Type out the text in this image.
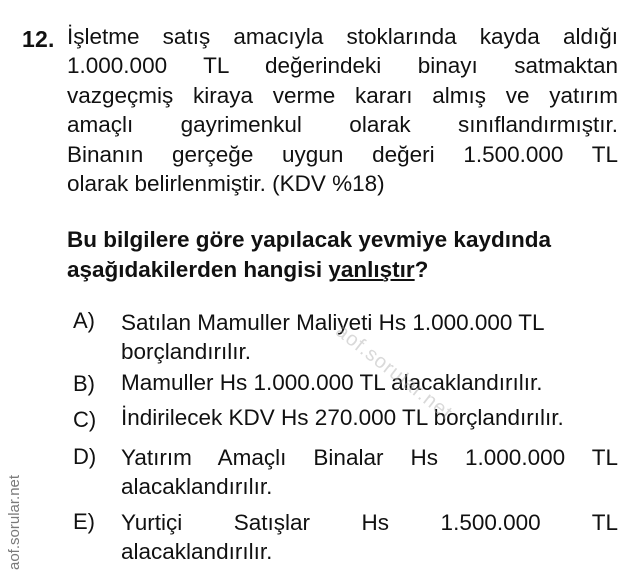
12. İşletme satış amacıyla stoklarında kayda aldığı
1.000.000 TL değerindeki binayı satmaktan
vazgeçmiş kiraya verme kararı almış ve yatırım
amaçlı gayrimenkul olarak sınıflandırmıştır.
Binanın gerçeğe uygun değeri 1.500.000 TL
olarak belirlenmiştir. (KDV %18)
Bu bilgilere göre yapılacak yevmiye kaydında
aşağıdakilerden hangisi yanlıştır?
A) Satılan Mamuller Maliyeti Hs 1.000.000 TL
borçlandırılır.
B) Mamuller Hs 1.000.000 TL alacaklandırılır.
C) İndirilecek KDV Hs 270.000 TL borçlandırılır.
D) Yatırım Amaçlı Binalar Hs 1.000.000 TL
alacaklandırılır.
E) Yurtiçi Satışlar Hs 1.500.000 TL
alacaklandırılır.
aof.sorular.net
aof.sorular.net
